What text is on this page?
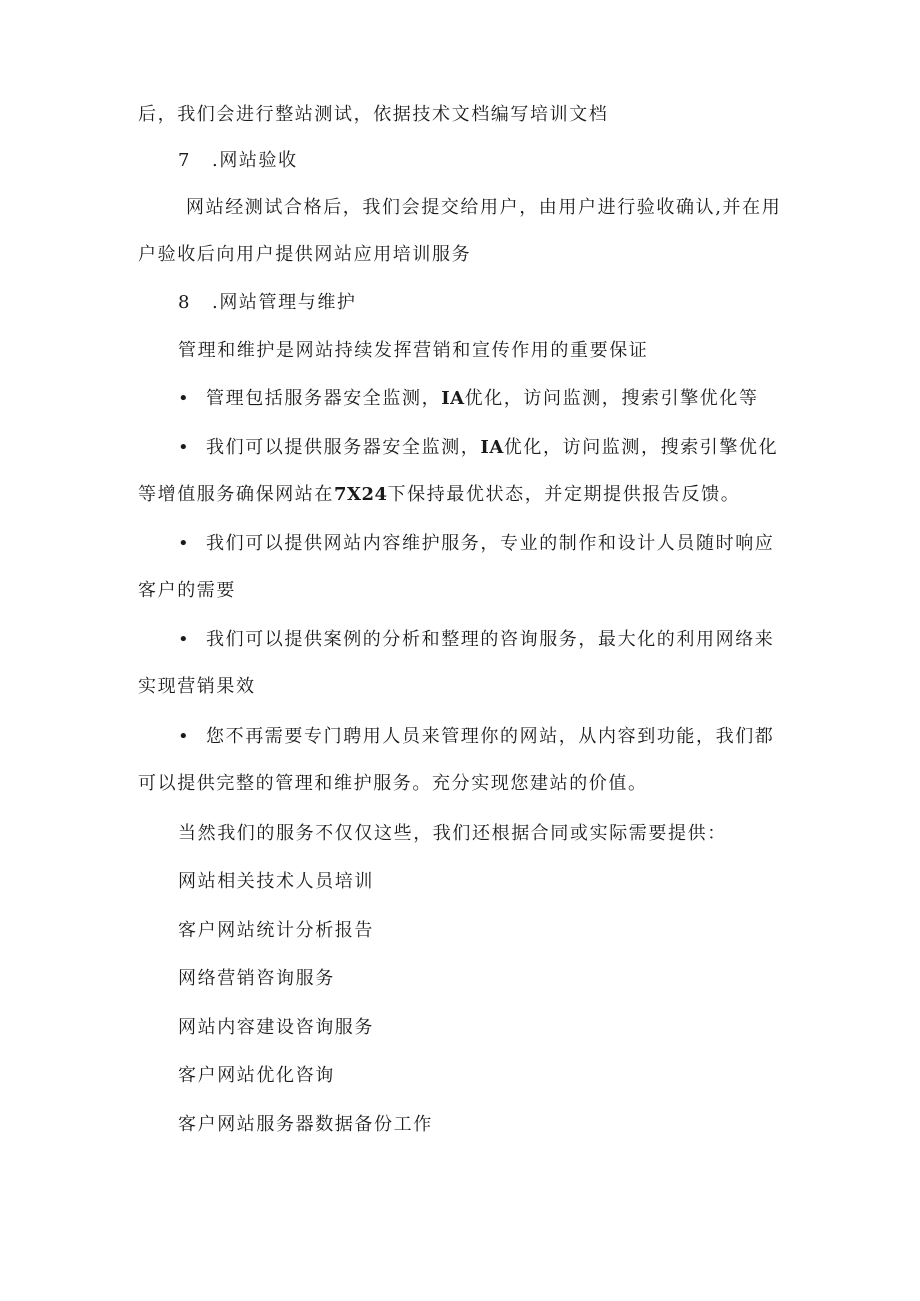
后，我们会进行整站测试，依据技术文档编写培训文档
7 .网站验收
网站经测试合格后，我们会提交给用户，由用户进行验收确认,并在用
户验收后向用户提供网站应用培训服务
8 .网站管理与维护
管理和维护是网站持续发挥营销和宣传作用的重要保证
• 管理包括服务器安全监测，IA优化，访问监测，搜索引擎优化等
• 我们可以提供服务器安全监测，IA优化，访问监测，搜索引擎优化
等增值服务确保网站在7X24下保持最优状态，并定期提供报告反馈。
• 我们可以提供网站内容维护服务，专业的制作和设计人员随时响应
客户的需要
• 我们可以提供案例的分析和整理的咨询服务，最大化的利用网络来
实现营销果效
• 您不再需要专门聘用人员来管理你的网站，从内容到功能，我们都
可以提供完整的管理和维护服务。充分实现您建站的价值。
当然我们的服务不仅仅这些，我们还根据合同或实际需要提供：
网站相关技术人员培训
客户网站统计分析报告
网络营销咨询服务
网站内容建设咨询服务
客户网站优化咨询
客户网站服务器数据备份工作
